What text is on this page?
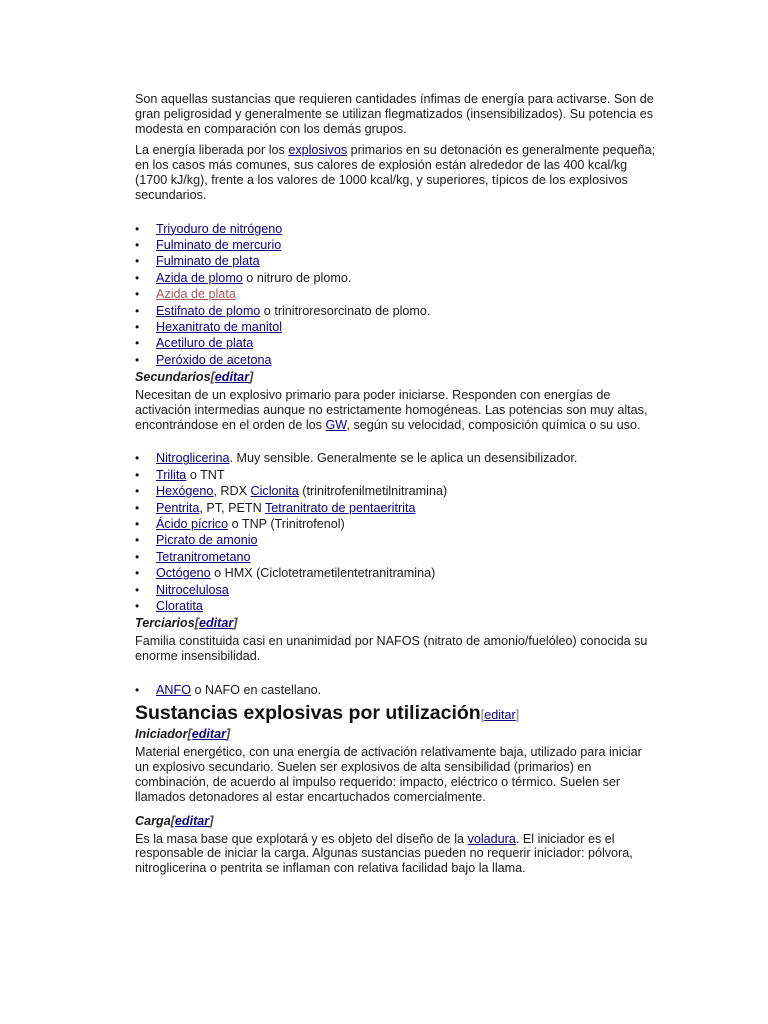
Son aquellas sustancias que requieren cantidades ínfimas de energía para activarse. Son de gran peligrosidad y generalmente se utilizan flegmatizados (insensibilizados). Su potencia es modesta en comparación con los demás grupos.

La energía liberada por los explosivos primarios en su detonación es generalmente pequeña; en los casos más comunes, sus calores de explosión están alrededor de las 400 kcal/kg (1700 kJ/kg), frente a los valores de 1000 kcal/kg, y superiores, típicos de los explosivos secundarios.

• Triyoduro de nitrógeno
• Fulminato de mercurio
• Fulminato de plata
• Azida de plomo o nitruro de plomo.
• Azida de plata
• Estifnato de plomo o trinitroresorcinato de plomo.
• Hexanitrato de manitol
• Acetiluro de plata
• Peróxido de acetona
Secundarios[editar]

Necesitan de un explosivo primario para poder iniciarse. Responden con energías de activación intermedias aunque no estrictamente homogéneas. Las potencias son muy altas, encontrándose en el orden de los GW, según su velocidad, composición química o su uso.

• Nitroglicerina. Muy sensible. Generalmente se le aplica un desensibilizador.
• Trilita o TNT
• Hexógeno, RDX Ciclonita (trinitrofenilmetilnitramina)
• Pentrita, PT, PETN Tetranitrato de pentaeritrita
• Ácido pícrico o TNP (Trinitrofenol)
• Picrato de amonio
• Tetranitrometano
• Octógeno o HMX (Ciclotetrametilentetranitramina)
• Nitrocelulosa
• Cloratita
Terciarios[editar]

Familia constituida casi en unanimidad por NAFOS (nitrato de amonio/fuelóleo) conocida su enorme insensibilidad.

• ANFO o NAFO en castellano.
Sustancias explosivas por utilización[editar]
Iniciador[editar]

Material energético, con una energía de activación relativamente baja, utilizado para iniciar un explosivo secundario. Suelen ser explosivos de alta sensibilidad (primarios) en combinación, de acuerdo al impulso requerido: impacto, eléctrico o térmico. Suelen ser llamados detonadores al estar encartuchados comercialmente.

Carga[editar]

Es la masa base que explotará y es objeto del diseño de la voladura. El iniciador es el responsable de iniciar la carga. Algunas sustancias pueden no requerir iniciador: pólvora, nitroglicerina o pentrita se inflaman con relativa facilidad bajo la llama.
